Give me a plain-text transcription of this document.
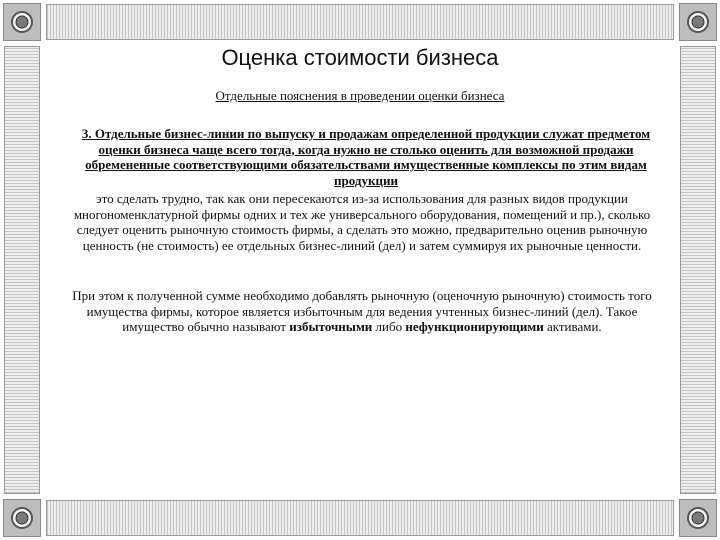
Оценка стоимости бизнеса
Отдельные пояснения в проведении оценки бизнеса
3. Отдельные бизнес-линии по выпуску и продажам определенной продукции служат предметом оценки бизнеса чаще всего тогда, когда нужно не столько оценить для возможной продажи обремененные соответствующими обязательствами имущественные комплексы по этим видам продукции
это сделать трудно, так как они пересекаются из-за использования для разных видов продукции многономенклатурной фирмы одних и тех же универсального оборудования, помещений и пр.), сколько следует оценить рыночную стоимость фирмы, а сделать это можно, предварительно оценив рыночную ценность (не стоимость) ее отдельных бизнес-линий (дел) и затем суммируя их рыночные ценности.
При этом к полученной сумме необходимо добавлять рыночную (оценочную рыночную) стоимость того имущества фирмы, которое является избыточным для ведения учтенных бизнес-линий (дел). Такое имущество обычно называют избыточными либо нефункционирующими активами.
